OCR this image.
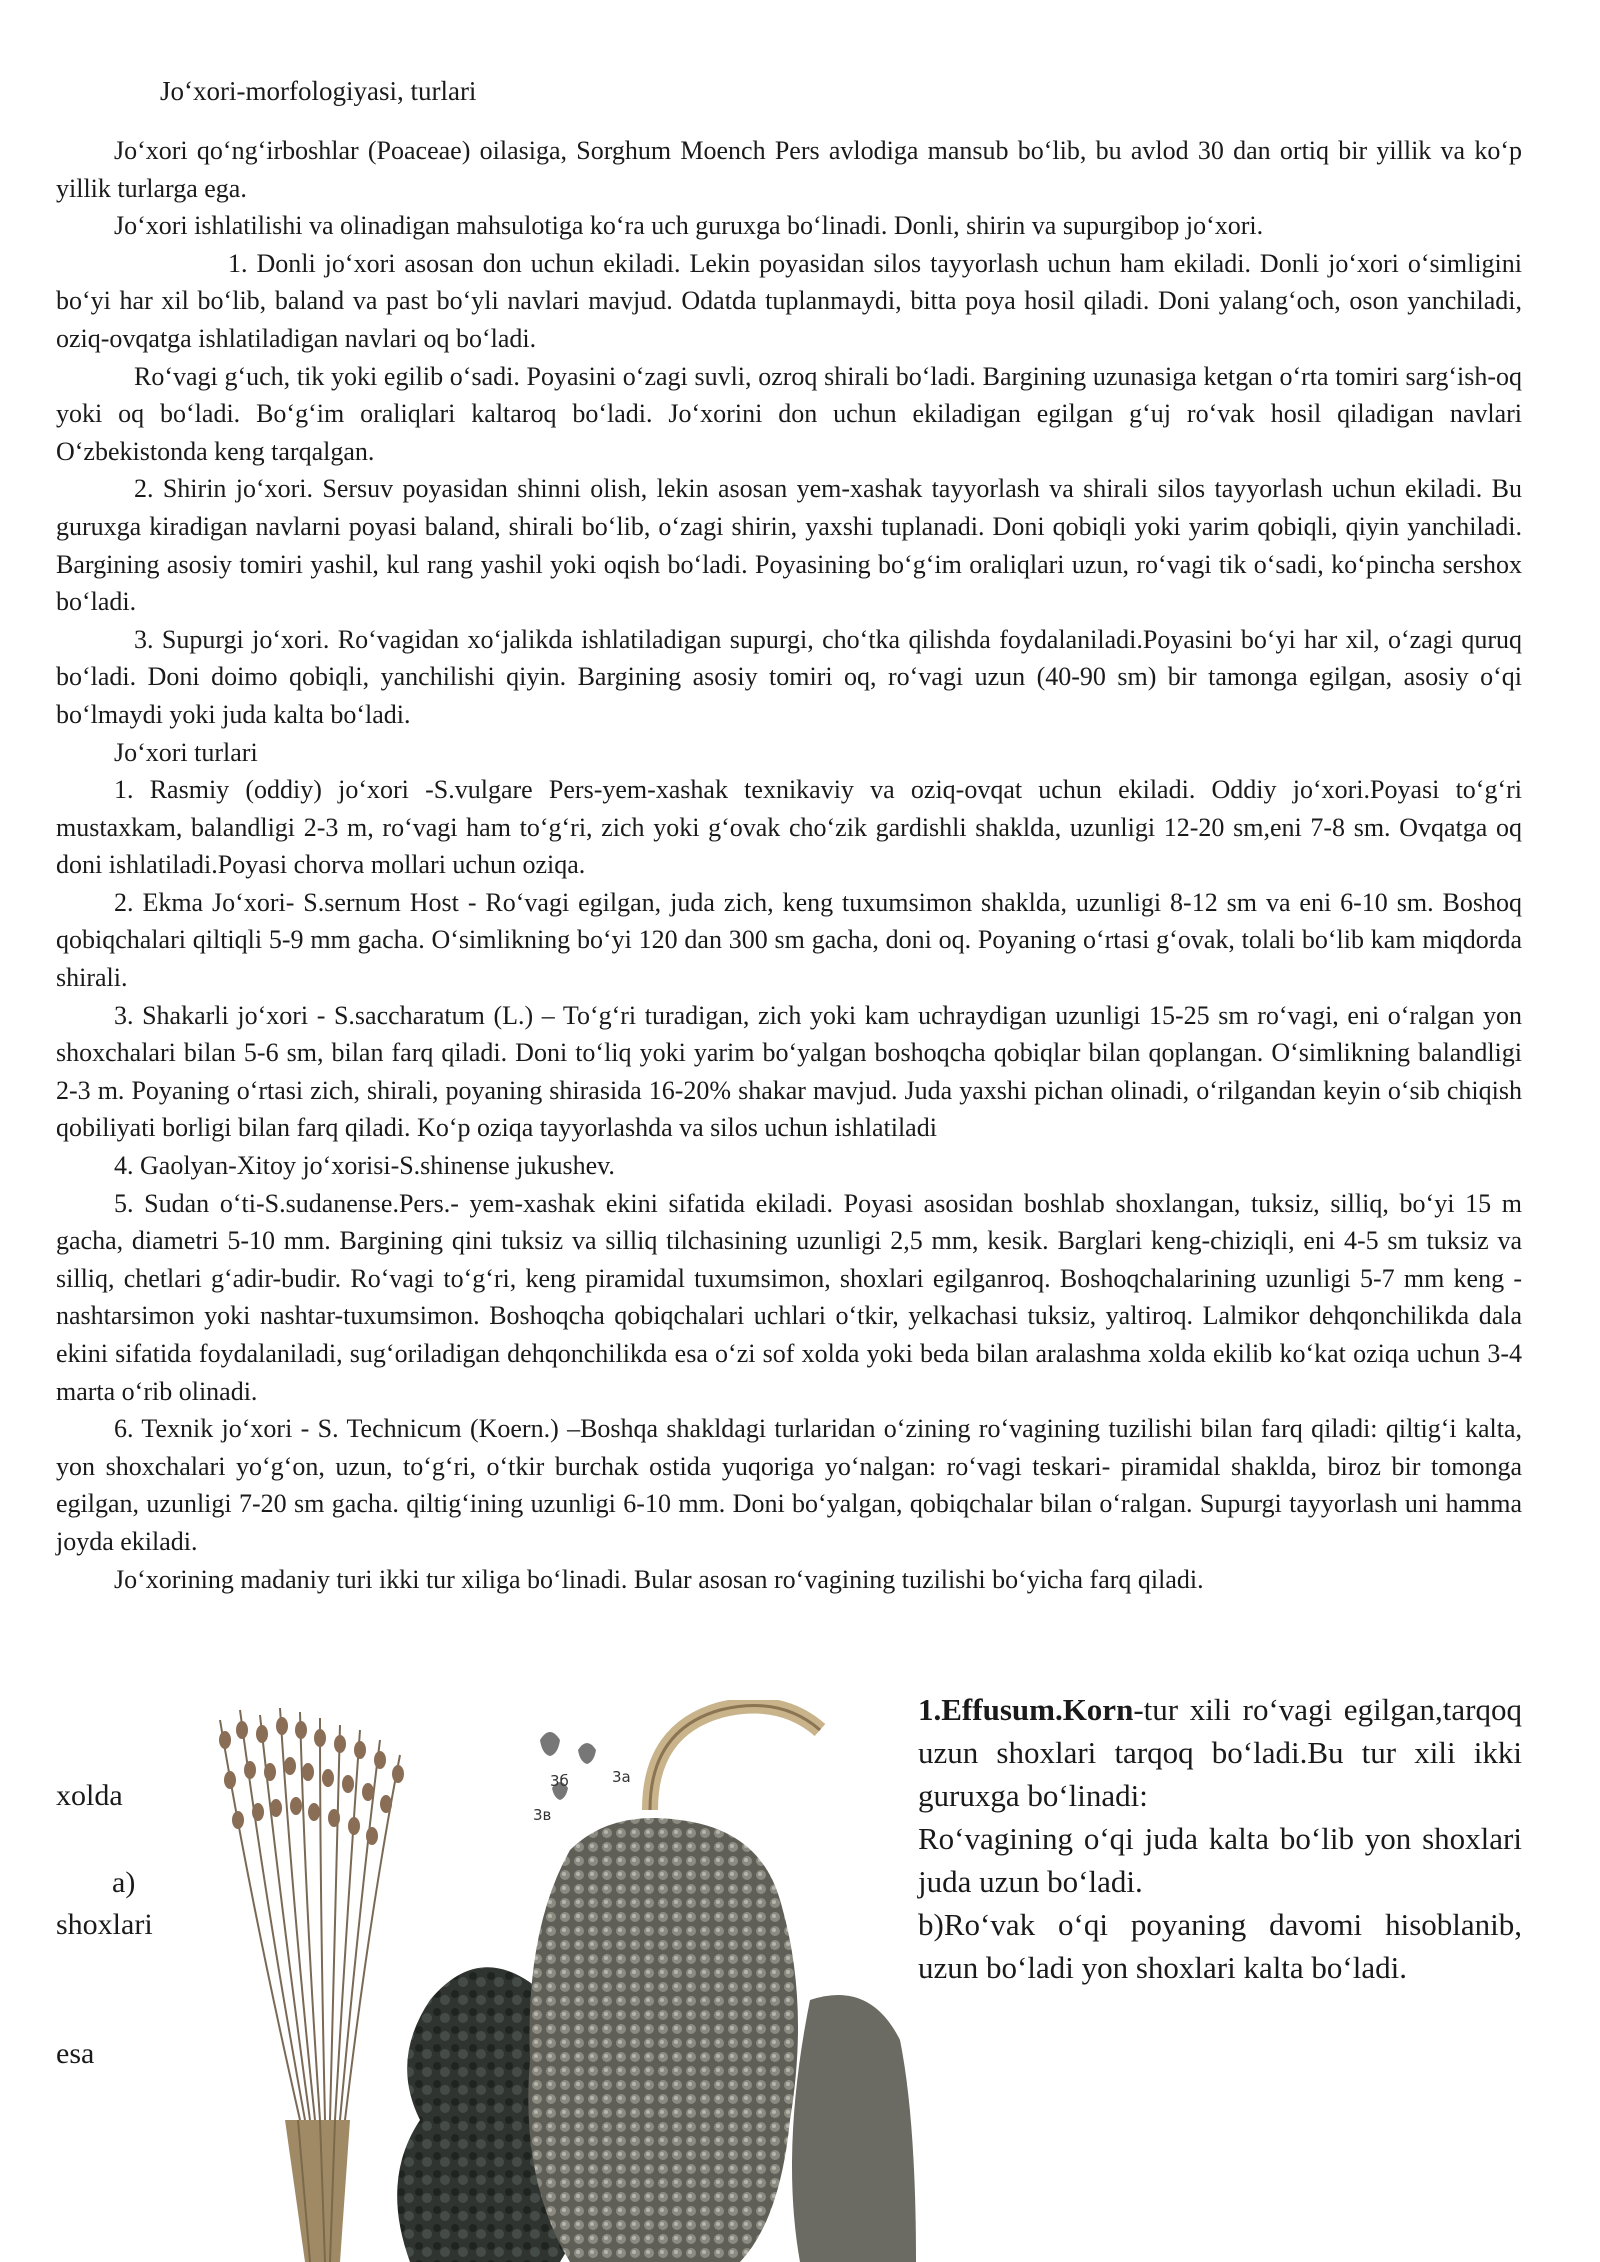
Jo‘xori-morfologiyasi, turlari

Jo‘xori qo‘ng‘irboshlar (Poaceae) oilasiga, Sorghum Moench Pers avlodiga mansub bo‘lib, bu avlod 30 dan ortiq bir yillik va ko‘p yillik turlarga ega.

Jo‘xori ishlatilishi va olinadigan mahsulotiga ko‘ra uch guruxga bo‘linadi. Donli, shirin va supurgibop jo‘xori.

1. Donli jo‘xori asosan don uchun ekiladi. Lekin poyasidan silos tayyorlash uchun ham ekiladi. Donli jo‘xori o‘simligini bo‘yi har xil bo‘lib, baland va past bo‘yli navlari mavjud. Odatda tuplanmaydi, bitta poya hosil qiladi. Doni yalang‘och, oson yanchiladi, oziq-ovqatga ishlatiladigan navlari oq bo‘ladi.

Ro‘vagi g‘uch, tik yoki egilib o‘sadi. Poyasini o‘zagi suvli, ozroq shirali bo‘ladi. Bargining uzunasiga ketgan o‘rta tomiri sarg‘ish-oq yoki oq bo‘ladi. Bo‘g‘im oraliqlari kaltaroq bo‘ladi. Jo‘xorini don uchun ekiladigan egilgan g‘uj ro‘vak hosil qiladigan navlari O‘zbekistonda keng tarqalgan.

2. Shirin jo‘xori. Sersuv poyasidan shinni olish, lekin asosan yem-xashak tayyorlash va shirali silos tayyorlash uchun ekiladi. Bu guruxga kiradigan navlarni poyasi baland, shirali bo‘lib, o‘zagi shirin, yaxshi tuplanadi. Doni qobiqli yoki yarim qobiqli, qiyin yanchiladi. Bargining asosiy tomiri yashil, kul rang yashil yoki oqish bo‘ladi. Poyasining bo‘g‘im oraliqlari uzun, ro‘vagi tik o‘sadi, ko‘pincha sershox bo‘ladi.

3. Supurgi jo‘xori. Ro‘vagidan xo‘jalikda ishlatiladigan supurgi, cho‘tka qilishda foydalaniladi.Poyasini bo‘yi har xil, o‘zagi quruq bo‘ladi. Doni doimo qobiqli, yanchilishi qiyin. Bargining asosiy tomiri oq, ro‘vagi uzun (40-90 sm) bir tamonga egilgan, asosiy o‘qi bo‘lmaydi yoki juda kalta bo‘ladi.

Jo‘xori turlari

1. Rasmiy (oddiy) jo‘xori -S.vulgare Pers-yem-xashak texnikaviy va oziq-ovqat uchun ekiladi. Oddiy jo‘xori.Poyasi to‘g‘ri mustaxkam, balandligi 2-3 m, ro‘vagi ham to‘g‘ri, zich yoki g‘ovak cho‘zik gardishli shaklda, uzunligi 12-20 sm,eni 7-8 sm. Ovqatga oq doni ishlatiladi.Poyasi chorva mollari uchun oziqa.

2. Ekma Jo‘xori- S.sernum Host - Ro‘vagi egilgan, juda zich, keng tuxumsimon shaklda, uzunligi 8-12 sm va eni 6-10 sm. Boshoq qobiqchalari qiltiqli 5-9 mm gacha. O‘simlikning bo‘yi 120 dan 300 sm gacha, doni oq. Poyaning o‘rtasi g‘ovak, tolali bo‘lib kam miqdorda shirali.

3. Shakarli jo‘xori - S.saccharatum (L.) – To‘g‘ri turadigan, zich yoki kam uchraydigan uzunligi 15-25 sm ro‘vagi, eni o‘ralgan yon shoxchalari bilan 5-6 sm, bilan farq qiladi. Doni to‘liq yoki yarim bo‘yalgan boshoqcha qobiqlar bilan qoplangan. O‘simlikning balandligi 2-3 m. Poyaning o‘rtasi zich, shirali, poyaning shirasida 16-20% shakar mavjud. Juda yaxshi pichan olinadi, o‘rilgandan keyin o‘sib chiqish qobiliyati borligi bilan farq qiladi. Ko‘p oziqa tayyorlashda va silos uchun ishlatiladi

4. Gaolyan-Xitoy jo‘xorisi-S.shinense jukushev.

5. Sudan o‘ti-S.sudanense.Pers.- yem-xashak ekini sifatida ekiladi. Poyasi asosidan boshlab shoxlangan, tuksiz, silliq, bo‘yi 15 m gacha, diametri 5-10 mm. Bargining qini tuksiz va silliq tilchasining uzunligi 2,5 mm, kesik. Barglari keng-chiziqli, eni 4-5 sm tuksiz va silliq, chetlari g‘adir-budir. Ro‘vagi to‘g‘ri, keng piramidal tuxumsimon, shoxlari egilganroq. Boshoqchalarining uzunligi 5-7 mm keng - nashtarsimon yoki nashtar-tuxumsimon. Boshoqcha qobiqchalari uchlari o‘tkir, yelkachasi tuksiz, yaltiroq. Lalmikor dehqonchilikda dala ekini sifatida foydalaniladi, sug‘oriladigan dehqonchilikda esa o‘zi sof xolda yoki beda bilan aralashma xolda ekilib ko‘kat oziqa uchun 3-4 marta o‘rib olinadi.

6. Texnik jo‘xori - S. Technicum (Koern.) –Boshqa shakldagi turlaridan o‘zining ro‘vagining tuzilishi bilan farq qiladi: qiltig‘i kalta, yon shoxchalari yo‘g‘on, uzun, to‘g‘ri, o‘tkir burchak ostida yuqoriga yo‘nalgan: ro‘vagi teskari- piramidal shaklda, biroz bir tomonga egilgan, uzunligi 7-20 sm gacha. qiltig‘ining uzunligi 6-10 mm. Doni bo‘yalgan, qobiqchalar bilan o‘ralgan. Supurgi tayyorlash uni hamma joyda ekiladi.

Jo‘xorining madaniy turi ikki tur xiliga bo‘linadi. Bular asosan ro‘vagining tuzilishi bo‘yicha farq qiladi.

xolda
a)
shoxlari
esa
3б	3а
3в

1.Effusum.Korn-tur xili ro‘vagi egilgan,tarqoq uzun shoxlari tarqoq bo‘ladi.Bu tur xili ikki guruxga bo‘linadi:

Ro‘vagining o‘qi juda kalta bo‘lib yon shoxlari juda uzun bo‘ladi.

b)Ro‘vak o‘qi poyaning davomi hisoblanib, uzun bo‘ladi yon shoxlari kalta bo‘ladi.
